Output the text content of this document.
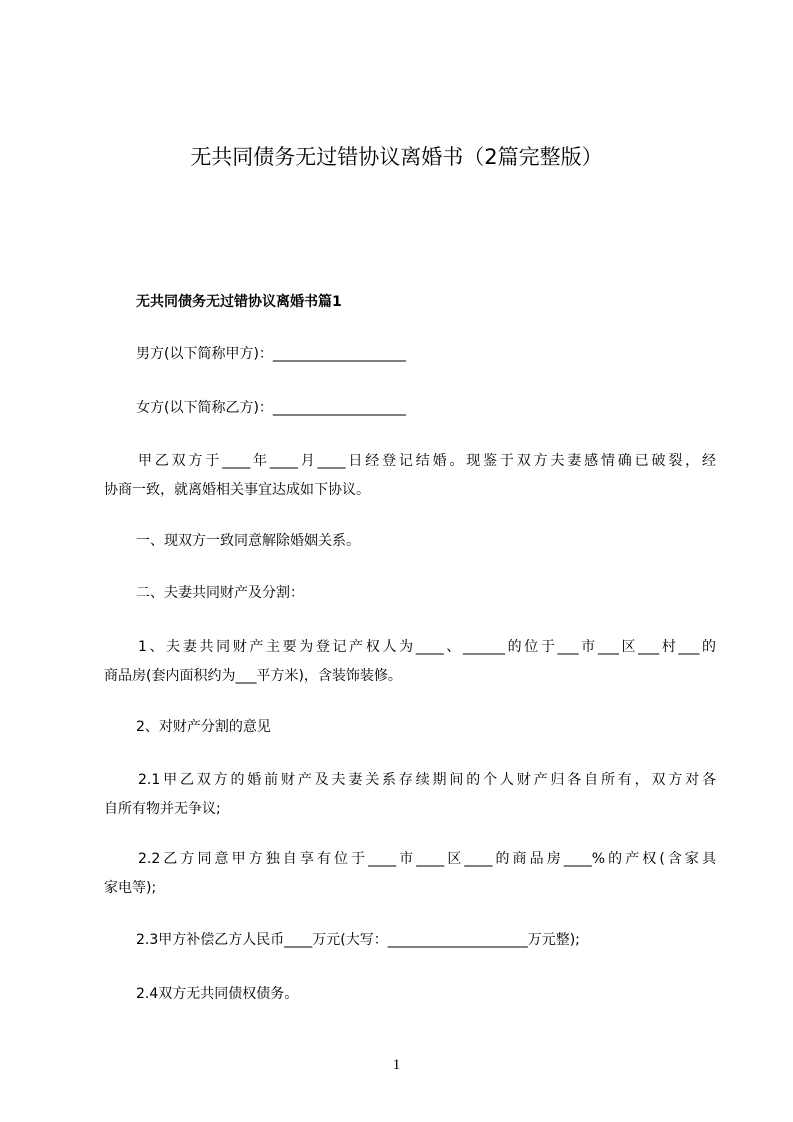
无共同债务无过错协议离婚书（2篇完整版）
无共同债务无过错协议离婚书篇1
男方(以下简称甲方)：___________________
女方(以下简称乙方)：___________________
甲乙双方于____年____月____日经登记结婚。现鉴于双方夫妻感情确已破裂，经
协商一致，就离婚相关事宜达成如下协议。
一、现双方一致同意解除婚姻关系。
二、夫妻共同财产及分割：
1、夫妻共同财产主要为登记产权人为____、______的位于___市___区___村___的
商品房(套内面积约为___平方米)，含装饰装修。
2、对财产分割的意见
2.1甲乙双方的婚前财产及夫妻关系存续期间的个人财产归各自所有，双方对各
自所有物并无争议;
2.2乙方同意甲方独自享有位于____市____区____的商品房____%的产权(含家具
家电等);
2.3甲方补偿乙方人民币____万元(大写：____________________万元整);
2.4双方无共同债权债务。
1
